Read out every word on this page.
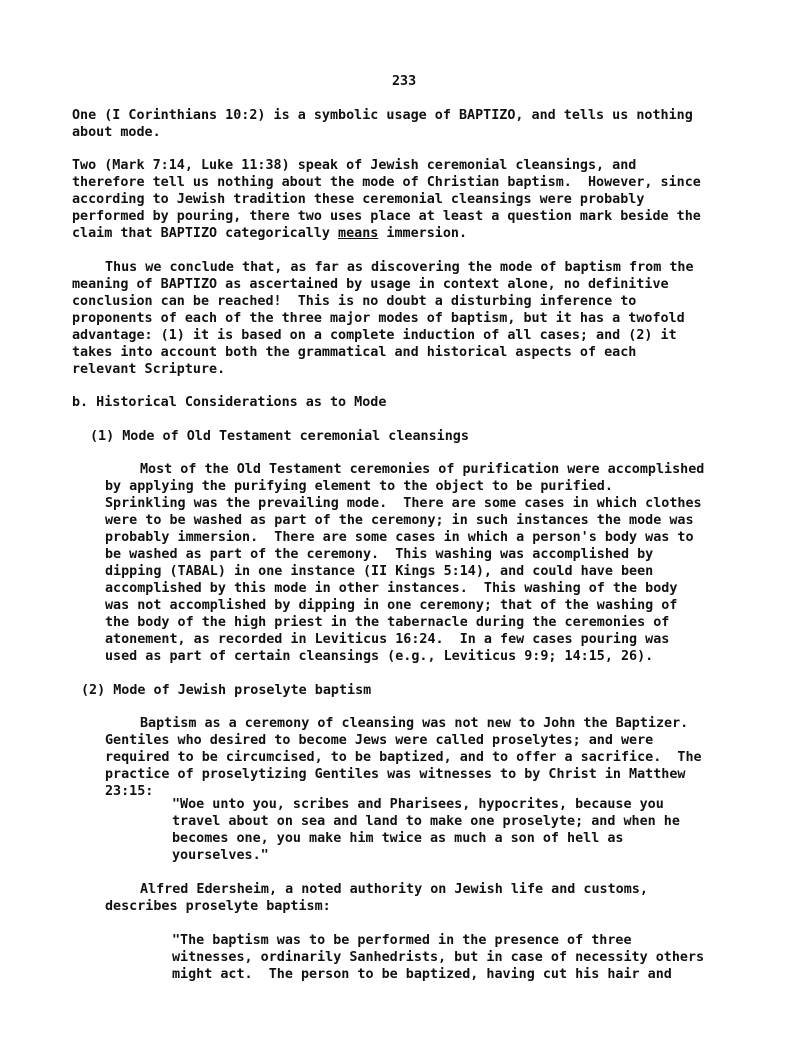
233
One (I Corinthians 10:2) is a symbolic usage of BAPTIZO, and tells us nothing
about mode.
Two (Mark 7:14, Luke 11:38) speak of Jewish ceremonial cleansings, and
therefore tell us nothing about the mode of Christian baptism.  However, since
according to Jewish tradition these ceremonial cleansings were probably
performed by pouring, there two uses place at least a question mark beside the
claim that BAPTIZO categorically means immersion.
Thus we conclude that, as far as discovering the mode of baptism from the
meaning of BAPTIZO as ascertained by usage in context alone, no definitive
conclusion can be reached!  This is no doubt a disturbing inference to
proponents of each of the three major modes of baptism, but it has a twofold
advantage: (1) it is based on a complete induction of all cases; and (2) it
takes into account both the grammatical and historical aspects of each
relevant Scripture.
b. Historical Considerations as to Mode
(1) Mode of Old Testament ceremonial cleansings
Most of the Old Testament ceremonies of purification were accomplished
by applying the purifying element to the object to be purified.
Sprinkling was the prevailing mode.  There are some cases in which clothes
were to be washed as part of the ceremony; in such instances the mode was
probably immersion.  There are some cases in which a person's body was to
be washed as part of the ceremony.  This washing was accomplished by
dipping (TABAL) in one instance (II Kings 5:14), and could have been
accomplished by this mode in other instances.  This washing of the body
was not accomplished by dipping in one ceremony; that of the washing of
the body of the high priest in the tabernacle during the ceremonies of
atonement, as recorded in Leviticus 16:24.  In a few cases pouring was
used as part of certain cleansings (e.g., Leviticus 9:9; 14:15, 26).
(2) Mode of Jewish proselyte baptism
Baptism as a ceremony of cleansing was not new to John the Baptizer.
Gentiles who desired to become Jews were called proselytes; and were
required to be circumcised, to be baptized, and to offer a sacrifice.  The
practice of proselytizing Gentiles was witnesses to by Christ in Matthew
23:15:
"Woe unto you, scribes and Pharisees, hypocrites, because you
travel about on sea and land to make one proselyte; and when he
becomes one, you make him twice as much a son of hell as
yourselves."
Alfred Edersheim, a noted authority on Jewish life and customs,
describes proselyte baptism:
"The baptism was to be performed in the presence of three
witnesses, ordinarily Sanhedrists, but in case of necessity others
might act.  The person to be baptized, having cut his hair and
